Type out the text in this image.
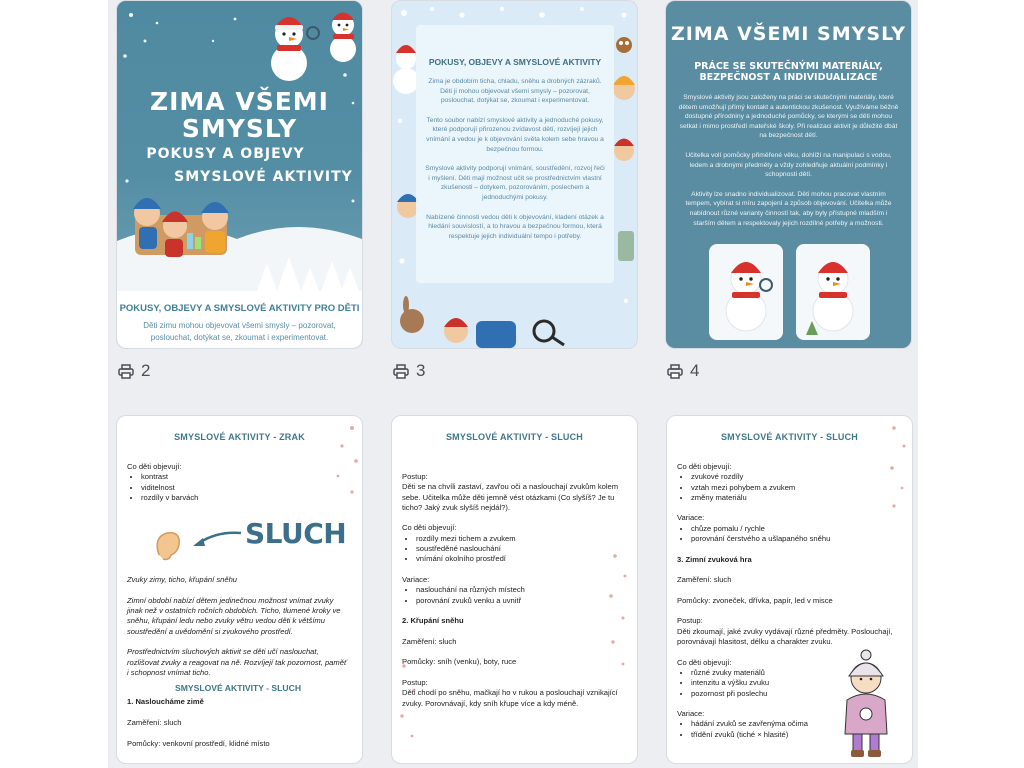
ZIMA VŠEMI
SMYSLY
POKUSY A OBJEVY
SMYSLOVÉ AKTIVITY
POKUSY, OBJEVY A SMYSLOVÉ AKTIVITY PRO DĚTI
Děti zimu mohou objevovat všemi smysly – pozorovat, poslouchat, dotýkat se, zkoumat i experimentovat.
2
POKUSY, OBJEVY A SMYSLOVÉ AKTIVITY
Zima je obdobím ticha, chladu, sněhu a drobných zázraků. Děti ji mohou objevovat všemi smysly – pozorovat, poslouchat, dotýkat se, zkoumat i experimentovat.
Tento soubor nabízí smyslové aktivity a jednoduché pokusy, které podporují přirozenou zvídavost dětí, rozvíjejí jejich vnímání a vedou je k objevování světa kolem sebe hravou a bezpečnou formou.
Smyslové aktivity podporují vnímání, soustředění, rozvoj řeči i myšlení. Děti mají možnost učit se prostřednictvím vlastní zkušenosti – dotykem, pozorováním, poslechem a jednoduchými pokusy.
Nabízené činnosti vedou děti k objevování, kladení otázek a hledání souvislostí, a to hravou a bezpečnou formou, která respektuje jejich individuální tempo i potřeby.
3
ZIMA VŠEMI SMYSLY
PRÁCE SE SKUTEČNÝMI MATERIÁLY,
BEZPEČNOST A INDIVIDUALIZACE
Smyslové aktivity jsou založeny na práci se skutečnými materiály, které dětem umožňují přímý kontakt a autentickou zkušenost. Využíváme běžně dostupné přírodniny a jednoduché pomůcky, se kterými se děti mohou setkat i mimo prostředí mateřské školy. Při realizaci aktivit je důležité dbát na bezpečnost dětí.
Učitelka volí pomůcky přiměřené věku, dohlíží na manipulaci s vodou, ledem a drobnými předměty a vždy zohledňuje aktuální podmínky i schopnosti dětí.
Aktivity lze snadno individualizovat. Děti mohou pracovat vlastním tempem, vybírat si míru zapojení a způsob objevování. Učitelka může nabídnout různé varianty činností tak, aby byly přístupné mladším i starším dětem a respektovaly jejich rozdílné potřeby a možnosti.
4
SMYSLOVÉ AKTIVITY - ZRAK
Co děti objevují:
• kontrast
• viditelnost
• rozdíly v barvách
SLUCH
Zvuky zimy, ticho, křupání sněhu
Zimní období nabízí dětem jedinečnou možnost vnímat zvuky jinak než v ostatních ročních obdobích. Ticho, tlumené kroky ve sněhu, křupání ledu nebo zvuky větru vedou děti k většímu soustředění a uvědomění si zvukového prostředí.
Prostřednictvím sluchových aktivit se děti učí naslouchat, rozlišovat zvuky a reagovat na ně. Rozvíjejí tak pozornost, paměť i schopnost vnímat ticho.
SMYSLOVÉ AKTIVITY - SLUCH
1. Nasloucháme zimě
Zaměření: sluch
Pomůcky: venkovní prostředí, klidné místo
SMYSLOVÉ AKTIVITY - SLUCH
Postup:
Děti se na chvíli zastaví, zavřou oči a naslouchají zvukům kolem sebe. Učitelka může děti jemně vést otázkami (Co slyšíš? Je tu ticho? Jaký zvuk slyšíš nejdál?).
Co děti objevují:
• rozdíly mezi tichem a zvukem
• soustředěné naslouchání
• vnímání okolního prostředí
Variace:
• naslouchání na různých místech
• porovnání zvuků venku a uvnitř
2. Křupání sněhu
Zaměření: sluch
Pomůcky: sníh (venku), boty, ruce
Postup:
Děti chodí po sněhu, mačkají ho v rukou a poslouchají vznikající zvuky. Porovnávají, kdy sníh křupe více a kdy méně.
SMYSLOVÉ AKTIVITY - SLUCH
Co děti objevují:
• zvukové rozdíly
• vztah mezi pohybem a zvukem
• změny materiálu
Variace:
• chůze pomalu / rychle
• porovnání čerstvého a ušlapaného sněhu
3. Zimní zvuková hra
Zaměření: sluch
Pomůcky: zvoneček, dřívka, papír, led v misce
Postup:
Děti zkoumají, jaké zvuky vydávají různé předměty. Poslouchají, porovnávají hlasitost, délku a charakter zvuku.
Co děti objevují:
• různé zvuky materiálů
• intenzitu a výšku zvuku
• pozornost při poslechu
Variace:
• hádání zvuků se zavřenýma očima
• třídění zvuků (tiché × hlasité)
